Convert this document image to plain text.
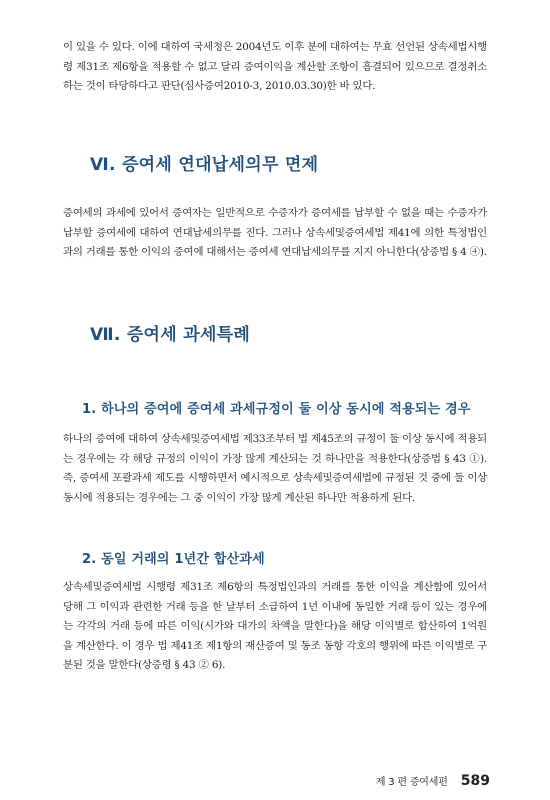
이 있을 수 있다. 이에 대하여 국세청은 2004년도 이후 분에 대하여는 무효 선언된 상속세법시행령 제31조 제6항을 적용할 수 없고 달리 증여이익을 계산할 조항이 흠결되어 있으므로 결정취소하는 것이 타당하다고 판단(심사증여2010-3, 2010.03.30)한 바 있다.

Ⅵ. 증여세 연대납세의무 면제

증여세의 과세에 있어서 증여자는 일반적으로 수증자가 증여세를 납부할 수 없을 때는 수증자가 납부할 증여세에 대하여 연대납세의무를 진다. 그러나 상속세및증여세법 제41에 의한 특정법인과의 거래를 통한 이익의 증여에 대해서는 증여세 연대납세의무를 지지 아니한다(상증법 § 4 ④).

Ⅶ. 증여세 과세특례
1. 하나의 증여에 증여세 과세규정이 둘 이상 동시에 적용되는 경우

하나의 증여에 대하여 상속세및증여세법 제33조부터 법 제45조의 규정이 둘 이상 동시에 적용되는 경우에는 각 해당 규정의 이익이 가장 많게 계산되는 것 하나만을 적용한다(상증법 § 43 ①). 즉, 증여세 포괄과세 제도를 시행하면서 예시적으로 상속세및증여세법에 규정된 것 중에 둘 이상 동시에 적용되는 경우에는 그 중 이익이 가장 많게 계산된 하나만 적용하게 된다.

2. 동일 거래의 1년간 합산과세

상속세및증여세법 시행령 제31조 제6항의 특정법인과의 거래를 통한 이익을 계산함에 있어서 당해 그 이익과 관련한 거래 등을 한 날부터 소급하여 1년 이내에 동일한 거래 등이 있는 경우에는 각각의 거래 등에 따른 이익(시가와 대가의 차액을 말한다)을 해당 이익별로 합산하여 1억원을 계산한다. 이 경우 법 제41조 제1항의 재산증여 및 동조 동항 각호의 행위에 따른 이익별로 구분된 것을 말한다(상증령 § 43 ② 6).

제 3 편 증여세편 589
